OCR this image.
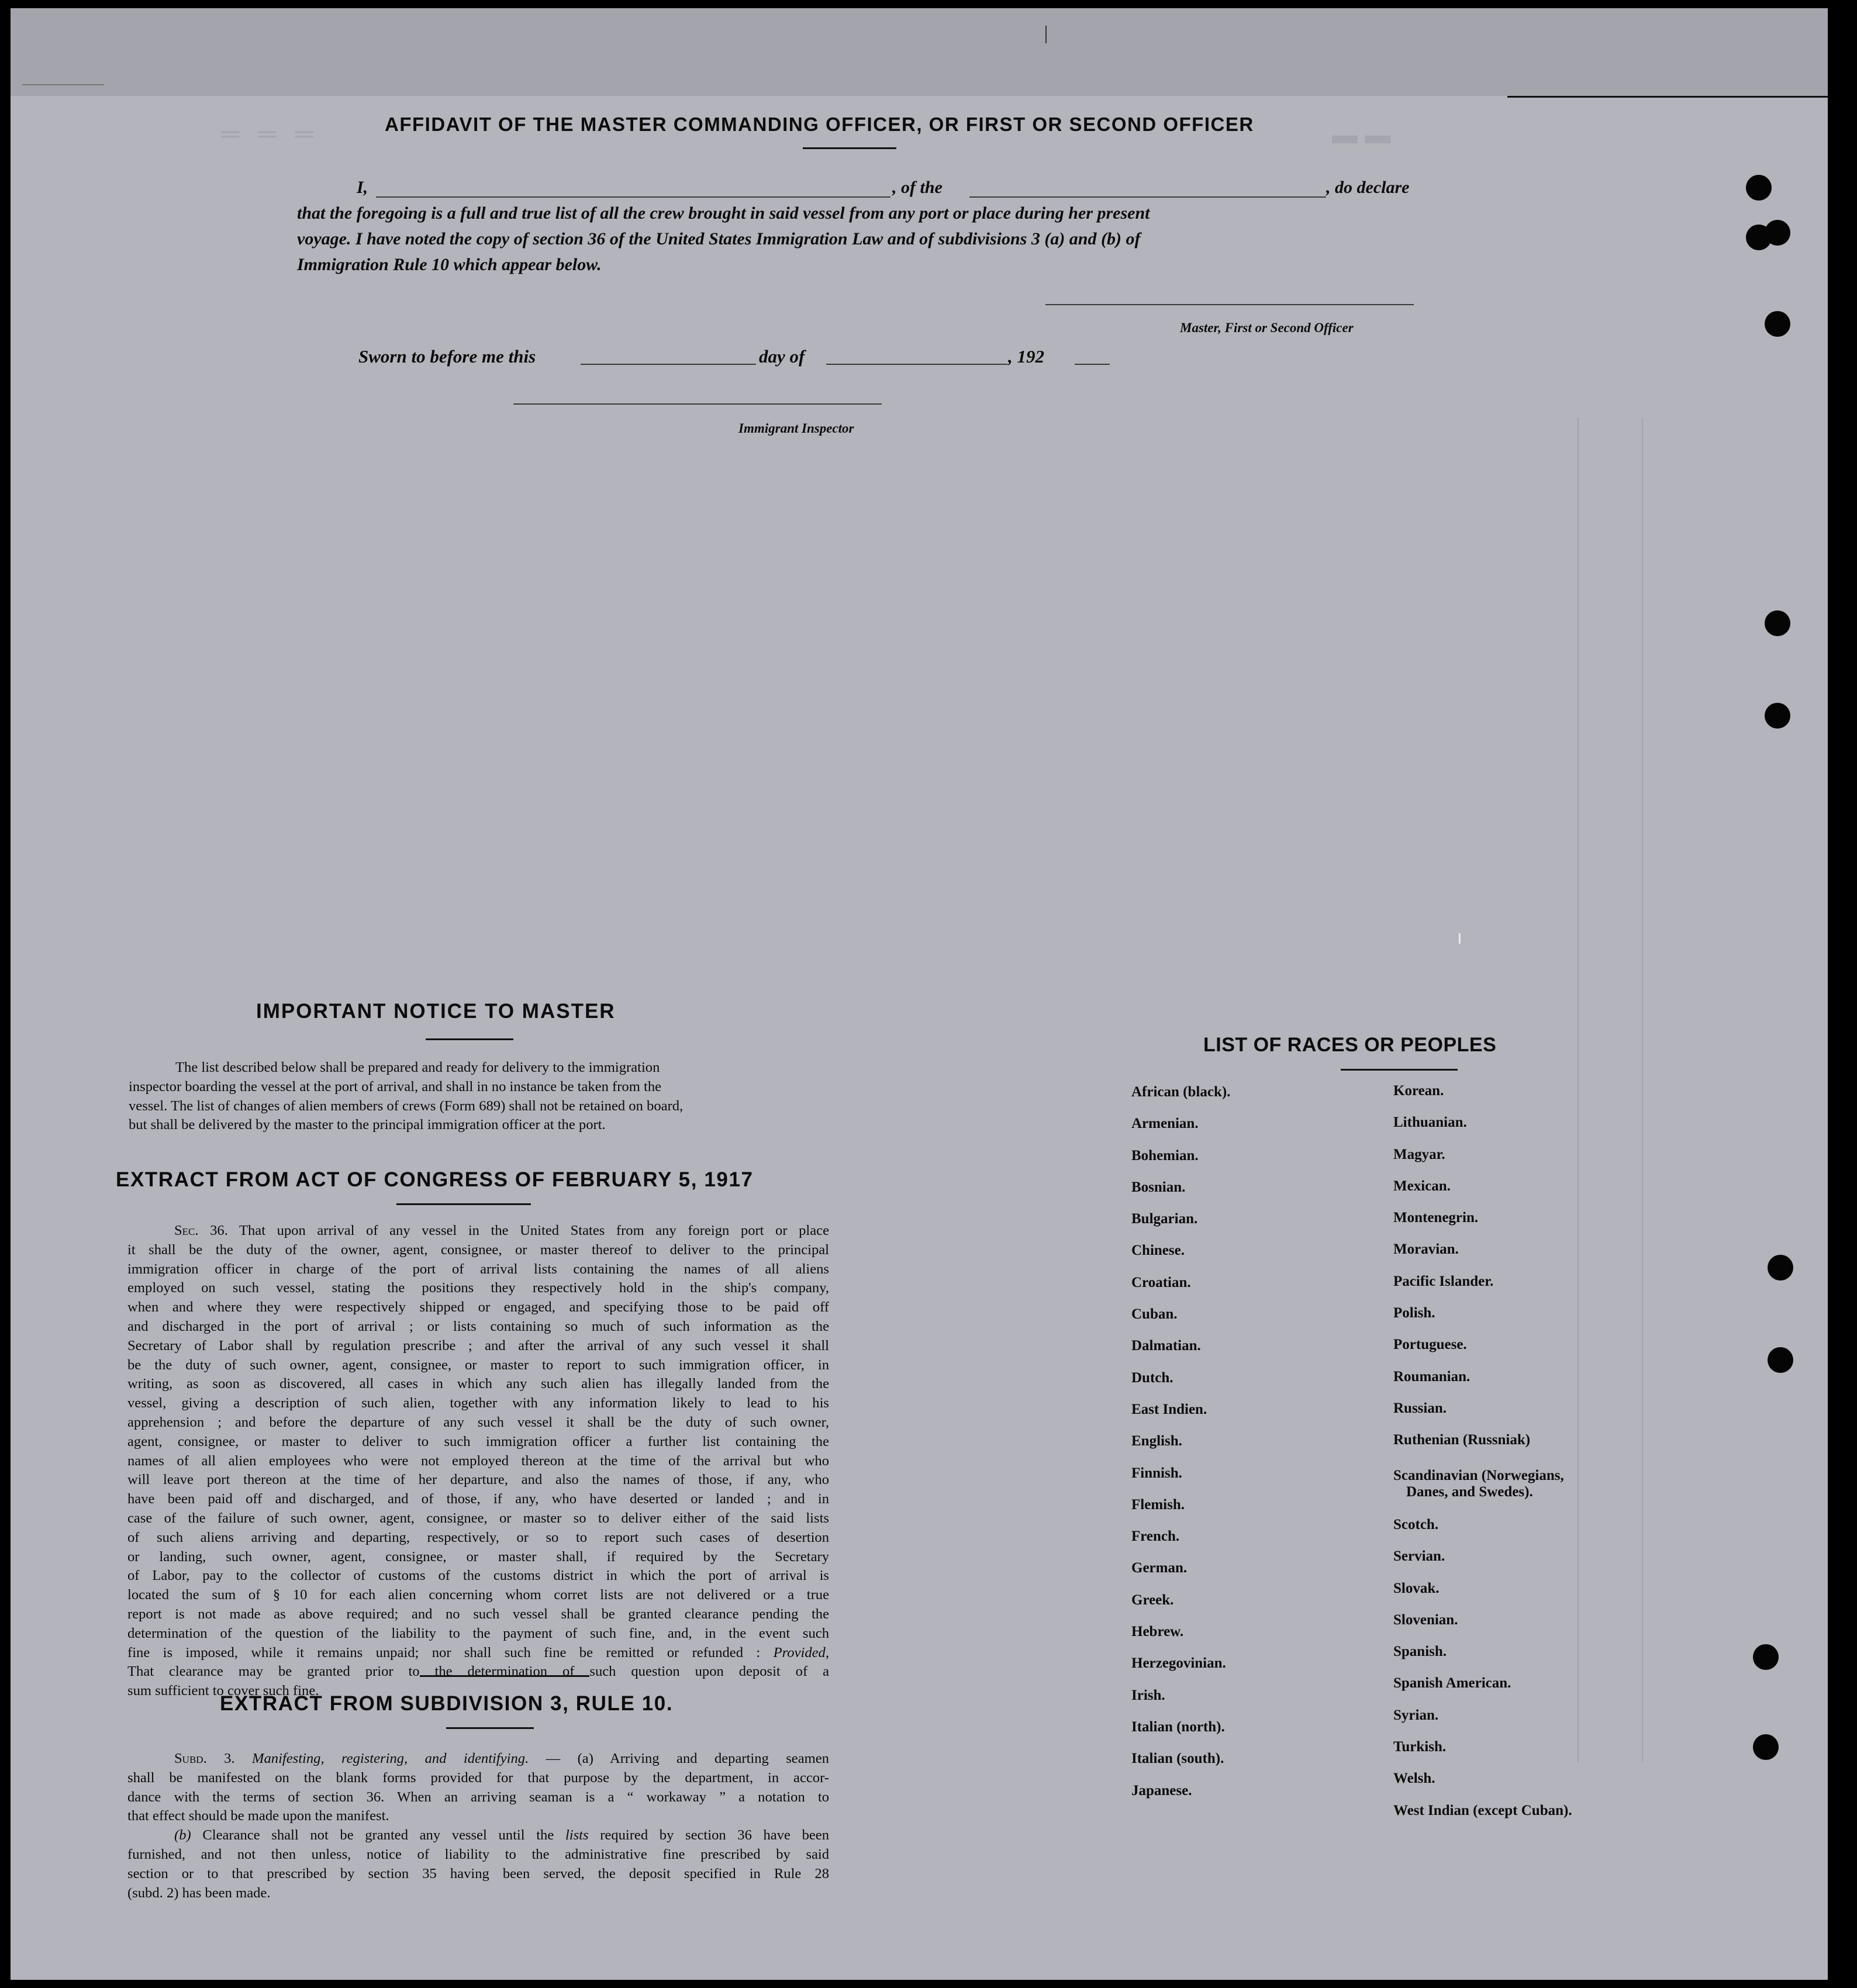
═ ═ ═	▬ ▬
AFFIDAVIT OF THE MASTER COMMANDING OFFICER, OR FIRST OR SECOND OFFICER
I,	, of the	, do declare
that the foregoing is a full and true list of all the crew brought in said vessel from any port or place during her present
voyage. I have noted the copy of section 36 of the United States Immigration Law and of subdivisions 3 (a) and (b) of
Immigration Rule 10 which appear below.
Master, First or Second Officer
Sworn to before me this	day of	, 192
Immigrant Inspector
IMPORTANT NOTICE TO MASTER
The list described below shall be prepared and ready for delivery to the immigration
inspector boarding the vessel at the port of arrival, and shall in no instance be taken from the
vessel. The list of changes of alien members of crews (Form 689) shall not be retained on board,
but shall be delivered by the master to the principal immigration officer at the port.
EXTRACT FROM ACT OF CONGRESS OF FEBRUARY 5, 1917
Sec. 36. That upon arrival of any vessel in the United States from any foreign port or place
it shall be the duty of the owner, agent, consignee, or master thereof to deliver to the principal
immigration officer in charge of the port of arrival lists containing the names of all aliens
employed on such vessel, stating the positions they respectively hold in the ship's company,
when and where they were respectively shipped or engaged, and specifying those to be paid off
and discharged in the port of arrival ; or lists containing so much of such information as the
Secretary of Labor shall by regulation prescribe ; and after the arrival of any such vessel it shall
be the duty of such owner, agent, consignee, or master to report to such immigration officer, in
writing, as soon as discovered, all cases in which any such alien has illegally landed from the
vessel, giving a description of such alien, together with any information likely to lead to his
apprehension ; and before the departure of any such vessel it shall be the duty of such owner,
agent, consignee, or master to deliver to such immigration officer a further list containing the
names of all alien employees who were not employed thereon at the time of the arrival but who
will leave port thereon at the time of her departure, and also the names of those, if any, who
have been paid off and discharged, and of those, if any, who have deserted or landed ; and in
case of the failure of such owner, agent, consignee, or master so to deliver either of the said lists
of such aliens arriving and departing, respectively, or so to report such cases of desertion
or landing, such owner, agent, consignee, or master shall, if required by the Secretary
of Labor, pay to the collector of customs of the customs district in which the port of arrival is
located the sum of § 10 for each alien concerning whom corret lists are not delivered or a true
report is not made as above required; and no such vessel shall be granted clearance pending the
determination of the question of the liability to the payment of such fine, and, in the event such
fine is imposed, while it remains unpaid; nor shall such fine be remitted or refunded : Provided,
That clearance may be granted prior to the determination of such question upon deposit of a
sum sufficient to cover such fine.
EXTRACT FROM SUBDIVISION 3, RULE 10.
Subd. 3. Manifesting, registering, and identifying. — (a) Arriving and departing seamen
shall be manifested on the blank forms provided for that purpose by the department, in accor-
dance with the terms of section 36. When an arriving seaman is a “ workaway ” a notation to
that effect should be made upon the manifest.
(b) Clearance shall not be granted any vessel until the lists required by section 36 have been
furnished, and not then unless, notice of liability to the administrative fine prescribed by said
section or to that prescribed by section 35 having been served, the deposit specified in Rule 28
(subd. 2) has been made.
LIST OF RACES OR PEOPLES
African (black).
Armenian.
Bohemian.
Bosnian.
Bulgarian.
Chinese.
Croatian.
Cuban.
Dalmatian.
Dutch.
East Indien.
English.
Finnish.
Flemish.
French.
German.
Greek.
Hebrew.
Herzegovinian.
Irish.
Italian (north).
Italian (south).
Japanese.
Korean.
Lithuanian.
Magyar.
Mexican.
Montenegrin.
Moravian.
Pacific Islander.
Polish.
Portuguese.
Roumanian.
Russian.
Ruthenian (Russniak)
Scandinavian (Norwegians,
Danes, and Swedes).
Scotch.
Servian.
Slovak.
Slovenian.
Spanish.
Spanish American.
Syrian.
Turkish.
Welsh.
West Indian (except Cuban).
